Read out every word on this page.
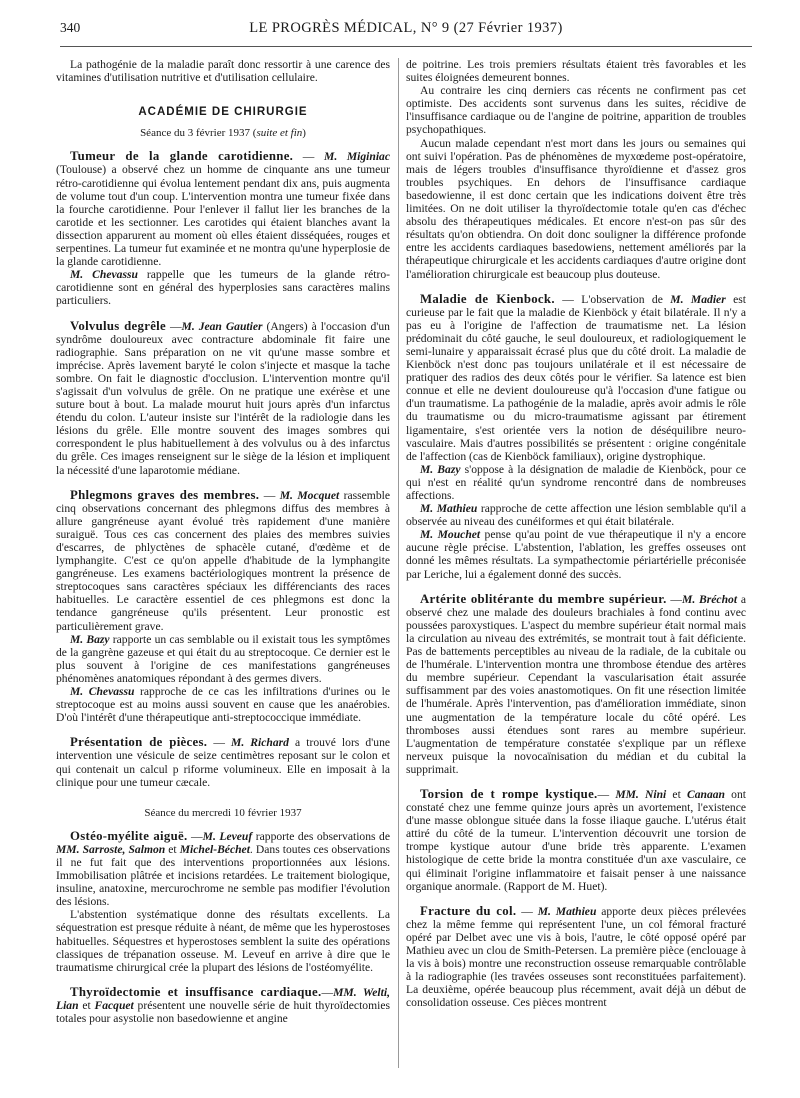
340	LE PROGRÈS MÉDICAL, N° 9 (27 Février 1937)

La pathogénie de la maladie paraît donc ressortir à une carence des vitamines d'utilisation nutritive et d'utilisation cellulaire.

ACADÉMIE DE CHIRURGIE
Séance du 3 février 1937 (suite et fin)

Tumeur de la glande carotidienne. — M. Miginiac (Toulouse) a observé chez un homme de cinquante ans une tumeur rétro-carotidienne qui évolua lentement pendant dix ans, puis augmenta de volume tout d'un coup. L'intervention montra une tumeur fixée dans la fourche carotidienne. Pour l'enlever il fallut lier les branches de la carotide et les sectionner. Les carotides qui étaient blanches avant la dissection apparurent au moment où elles étaient disséquées, rouges et serpentines. La tumeur fut examinée et ne montra qu'une hyperplosie de la glande carotidienne.

M. Chevassu rappelle que les tumeurs de la glande rétro-carotidienne sont en général des hyperplosies sans caractères malins particuliers.

Volvulus degrêle —M. Jean Gautier (Angers) à l'occasion d'un syndrôme douloureux avec contracture abdominale fit faire une radiographie. Sans préparation on ne vit qu'une masse sombre et imprécise. Après lavement baryté le colon s'injecte et masque la tache sombre. On fait le diagnostic d'occlusion. L'intervention montre qu'il s'agissait d'un volvulus de grêle. On ne pratique une exérèse et une suture bout à bout. La malade mourut huit jours après d'un infarctus étendu du colon. L'auteur insiste sur l'intérêt de la radiologie dans les lésions du grêle. Elle montre souvent des images sombres qui correspondent le plus habituellement à des volvulus ou à des infarctus du grêle. Ces images renseignent sur le siège de la lésion et impliquent la nécessité d'une laparotomie médiane.

Phlegmons graves des membres. — M. Mocquet rassemble cinq observations concernant des phlegmons diffus des membres à allure gangréneuse ayant évolué très rapidement d'une manière suraiguë. Tous ces cas concernent des plaies des membres suivies d'escarres, de phlyctènes de sphacèle cutané, d'œdème et de lymphangite. C'est ce qu'on appelle d'habitude de la lymphangite gangréneuse. Les examens bactériologiques montrent la présence de streptocoques sans caractères spéciaux les différenciants des races habituelles. Le caractère essentiel de ces phlegmons est donc la tendance gangréneuse qu'ils présentent. Leur pronostic est particulièrement grave.

M. Bazy rapporte un cas semblable ou il existait tous les symptômes de la gangrène gazeuse et qui était du au streptocoque. Ce dernier est le plus souvent à l'origine de ces manifestations gangréneuses phénomènes anatomiques répondant à des germes divers.

M. Chevassu rapproche de ce cas les infiltrations d'urines ou le streptocoque est au moins aussi souvent en cause que les anaérobies. D'où l'intérêt d'une thérapeutique anti-streptococcique immédiate.

Présentation de pièces. — M. Richard a trouvé lors d'une intervention une vésicule de seize centimètres reposant sur le colon et qui contenait un calcul p riforme volumineux. Elle en imposait à la clinique pour une tumeur cæcale.

Séance du mercredi 10 février 1937

Ostéo-myélite aiguë. —M. Leveuf rapporte des observations de MM. Sarroste, Salmon et Michel-Béchet. Dans toutes ces observations il ne fut fait que des interventions proportionnées aux lésions. Immobilisation plâtrée et incisions retardées. Le traitement biologique, insuline, anatoxine, mercurochrome ne semble pas modifier l'évolution des lésions.

L'abstention systématique donne des résultats excellents. La séquestration est presque réduite à néant, de même que les hyperostoses habituelles. Séquestres et hyperostoses semblent la suite des opérations classiques de trépanation osseuse. M. Leveuf en arrive à dire que le traumatisme chirurgical crée la plupart des lésions de l'ostéomyélite.

Thyroïdectomie et insuffisance cardiaque.—MM. Welti, Lian et Facquet présentent une nouvelle série de huit thyroïdectomies totales pour asystolie non basedowienne et angine

de poitrine. Les trois premiers résultats étaient très favorables et les suites éloignées demeurent bonnes.

Au contraire les cinq derniers cas récents ne confirment pas cet optimiste. Des accidents sont survenus dans les suites, récidive de l'insuffisance cardiaque ou de l'angine de poitrine, apparition de troubles psychopathiques.

Aucun malade cependant n'est mort dans les jours ou semaines qui ont suivi l'opération. Pas de phénomènes de myxœdeme post-opératoire, mais de légers troubles d'insuffisance thyroïdienne et d'assez gros troubles psychiques. En dehors de l'insuffisance cardiaque basedowienne, il est donc certain que les indications doivent être très limitées. On ne doit utiliser la thyroïdectomie totale qu'en cas d'échec absolu des thérapeutiques médicales. Et encore n'est-on pas sûr des résultats qu'on obtiendra. On doit donc souligner la différence profonde entre les accidents cardiaques basedowiens, nettement améliorés par la thérapeutique chirurgicale et les accidents cardiaques d'autre origine dont l'amélioration chirurgicale est beaucoup plus douteuse.

Maladie de Kienbock. — L'observation de M. Madier est curieuse par le fait que la maladie de Kienböck y était bilatérale. Il n'y a pas eu à l'origine de l'affection de traumatisme net. La lésion prédominait du côté gauche, le seul douloureux, et radiologiquement le semi-lunaire y apparaissait écrasé plus que du côté droit. La maladie de Kienböck n'est donc pas toujours unilatérale et il est nécessaire de pratiquer des radios des deux côtés pour le vérifier. Sa latence est bien connue et elle ne devient douloureuse qu'à l'occasion d'une fatigue ou d'un traumatisme. La pathogénie de la maladie, après avoir admis le rôle du traumatisme ou du micro-traumatisme agissant par étirement ligamentaire, s'est orientée vers la notion de déséquilibre neuro-vasculaire. Mais d'autres possibilités se présentent : origine congénitale de l'affection (cas de Kienböck familiaux), origine dystrophique.

M. Bazy s'oppose à la désignation de maladie de Kienböck, pour ce qui n'est en réalité qu'un syndrome rencontré dans de nombreuses affections.

M. Mathieu rapproche de cette affection une lésion semblable qu'il a observée au niveau des cunéiformes et qui était bilatérale.

M. Mouchet pense qu'au point de vue thérapeutique il n'y a encore aucune règle précise. L'abstention, l'ablation, les greffes osseuses ont donné les mêmes résultats. La sympathectomie périartérielle préconisée par Leriche, lui a également donné des succès.

Artérite oblitérante du membre supérieur. —M. Bréchot a observé chez une malade des douleurs brachiales à fond continu avec poussées paroxystiques. L'aspect du membre supérieur était normal mais la circulation au niveau des extrémités, se montrait tout à fait déficiente. Pas de battements perceptibles au niveau de la radiale, de la cubitale ou de l'humérale. L'intervention montra une thrombose étendue des artères du membre supérieur. Cependant la vascularisation était assurée suffisamment par des voies anastomotiques. On fit une résection limitée de l'humérale. Après l'intervention, pas d'amélioration immédiate, sinon une augmentation de la température locale du côté opéré. Les thromboses aussi étendues sont rares au membre supérieur. L'augmentation de température constatée s'explique par un réflexe nerveux puisque la novocaïnisation du médian et du cubital la supprimait.

Torsion de t rompe kystique.— MM. Nini et Canaan ont constaté chez une femme quinze jours après un avortement, l'existence d'une masse oblongue située dans la fosse iliaque gauche. L'utérus était attiré du côté de la tumeur. L'intervention découvrit une torsion de trompe kystique autour d'une bride très apparente. L'examen histologique de cette bride la montra constituée d'un axe vasculaire, ce qui éliminait l'origine inflammatoire et faisait penser à une naissance organique anormale. (Rapport de M. Huet).

Fracture du col. — M. Mathieu apporte deux pièces prélevées chez la même femme qui représentent l'une, un col fémoral fracturé opéré par Delbet avec une vis à bois, l'autre, le côté opposé opéré par Mathieu avec un clou de Smith-Petersen. La première pièce (enclouage à la vis à bois) montre une reconstruction osseuse remarquable contrôlable à la radiographie (les travées osseuses sont reconstituées parfaitement). La deuxième, opérée beaucoup plus récemment, avait déjà un début de consolidation osseuse. Ces pièces montrent
